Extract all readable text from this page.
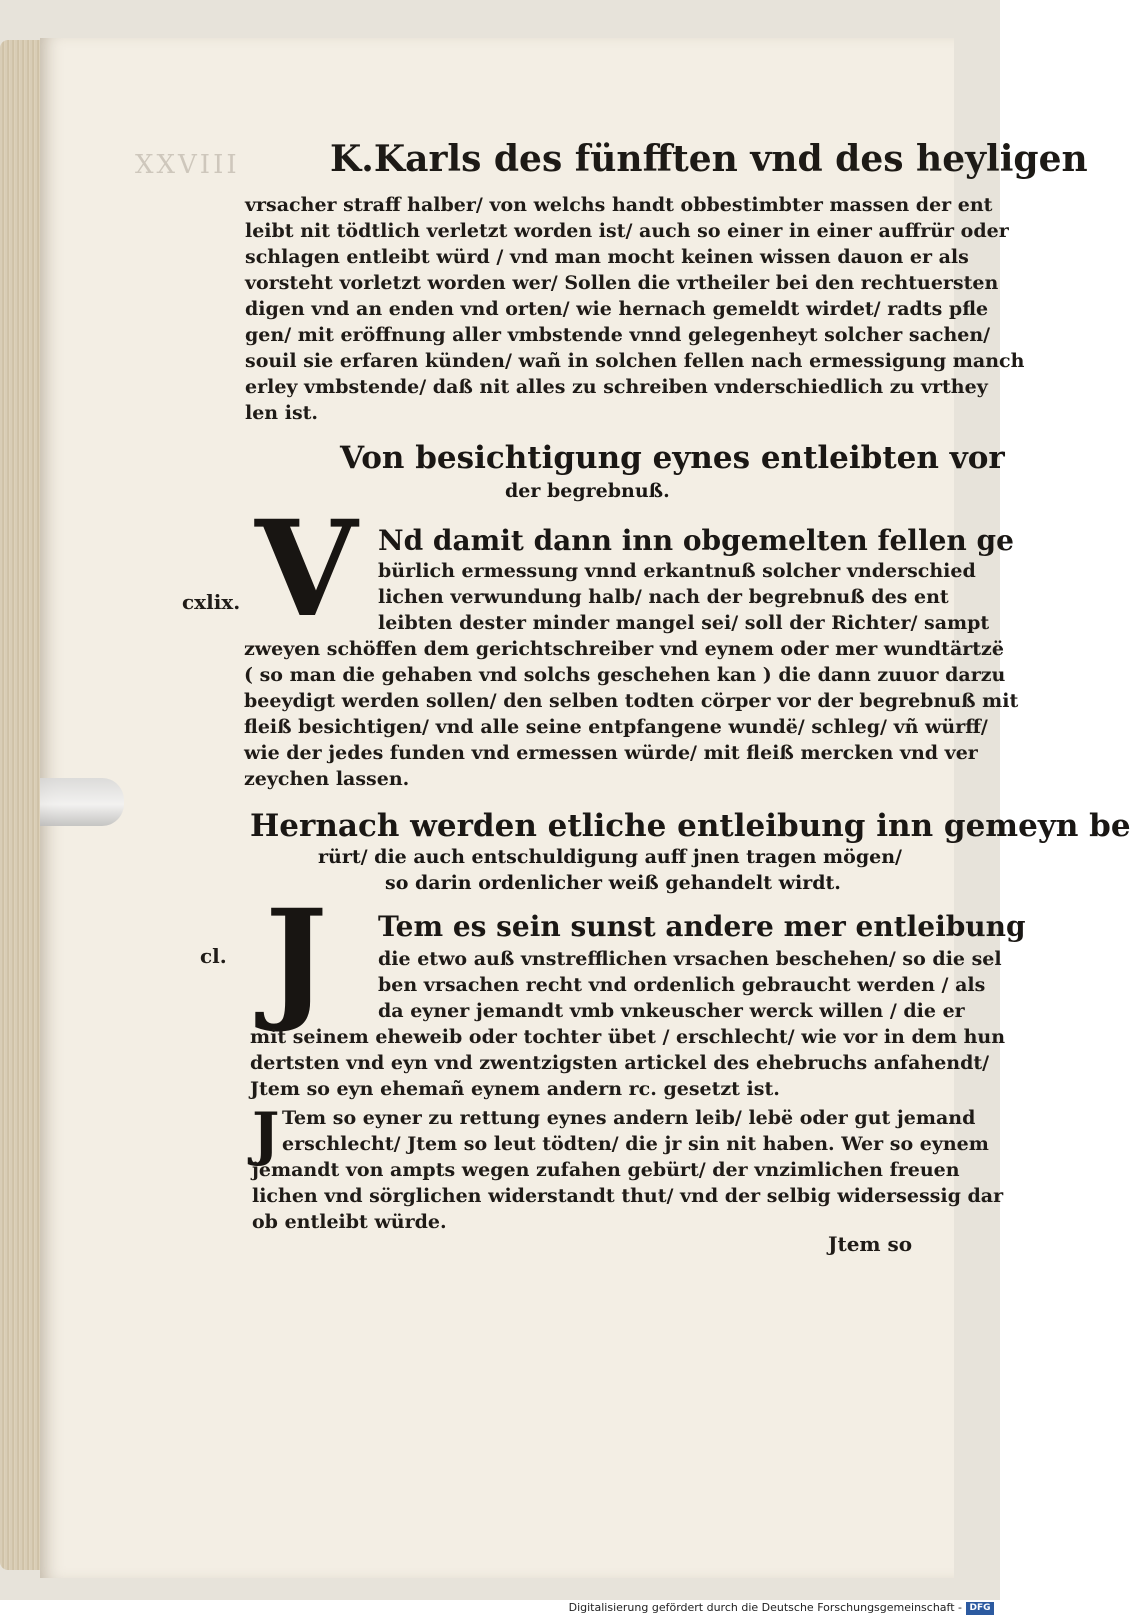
XXVIII	K.Karls des fünfften vnd des heyligen
vrsacher straff halber/ von welchs handt obbestimbter massen der ent
leibt nit tödtlich verletzt worden ist/ auch so einer in einer auffrür oder
schlagen entleibt würd / vnd man mocht keinen wissen dauon er als
vorsteht vorletzt worden wer/ Sollen die vrtheiler bei den rechtuersten
digen vnd an enden vnd orten/ wie hernach gemeldt wirdet/ radts pfle
gen/ mit eröffnung aller vmbstende vnnd gelegenheyt solcher sachen/
souil sie erfaren künden/ wañ in solchen fellen nach ermessigung manch
erley vmbstende/ daß nit alles zu schreiben vnderschiedlich zu vrthey
len ist.
Von besichtigung eynes entleibten vor
der begrebnuß.
cxlix. V Nd damit dann inn obgemelten fellen ge
bürlich ermessung vnnd erkantnuß solcher vnderschied
lichen verwundung halb/ nach der begrebnuß des ent
leibten dester minder mangel sei/ soll der Richter/ sampt
zweyen schöffen dem gerichtschreiber vnd eynem oder mer wundtärtzë
( so man die gehaben vnd solchs geschehen kan ) die dann zuuor darzu
beeydigt werden sollen/ den selben todten cörper vor der begrebnuß mit
fleiß besichtigen/ vnd alle seine entpfangene wundë/ schleg/ vñ würff/
wie der jedes funden vnd ermessen würde/ mit fleiß mercken vnd ver
zeychen lassen.
Hernach werden etliche entleibung inn gemeyn be
rürt/ die auch entschuldigung auff jnen tragen mögen/
so darin ordenlicher weiß gehandelt wirdt.
cl. J Tem es sein sunst andere mer entleibung
die etwo auß vnstrefflichen vrsachen beschehen/ so die sel
ben vrsachen recht vnd ordenlich gebraucht werden / als
da eyner jemandt vmb vnkeuscher werck willen / die er
mit seinem eheweib oder tochter übet / erschlecht/ wie vor in dem hun
dertsten vnd eyn vnd zwentzigsten artickel des ehebruchs anfahendt/
Jtem so eyn ehemañ eynem andern rc. gesetzt ist.
J Tem so eyner zu rettung eynes andern leib/ lebë oder gut jemand
erschlecht/ Jtem so leut tödten/ die jr sin nit haben. Wer so eynem
jemandt von ampts wegen zufahen gebürt/ der vnzimlichen freuen
lichen vnd sörglichen widerstandt thut/ vnd der selbig widersessig dar
ob entleibt würde.
Jtem so
Digitalisierung gefördert durch die Deutsche Forschungsgemeinschaft - DFG
